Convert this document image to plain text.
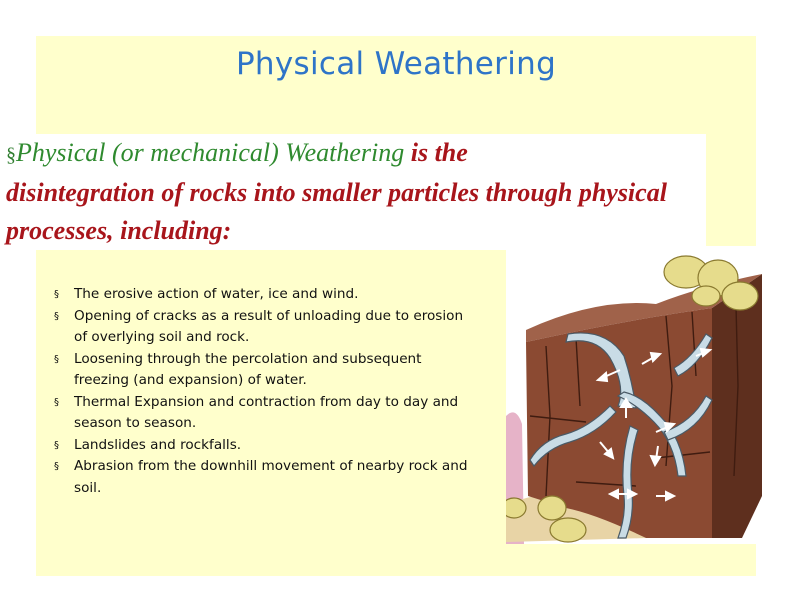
Physical Weathering
§Physical (or mechanical) Weathering is the
disintegration of rocks into smaller particles through physical processes, including:
§ The erosive action of water, ice and wind.
§ Opening of cracks as a result of unloading due to erosion of overlying soil and rock.
§ Loosening through the percolation and subsequent freezing (and expansion) of water.
§ Thermal Expansion and contraction from day to day and season to season.
§ Landslides and rockfalls.
§ Abrasion from the downhill movement of nearby rock and soil.
